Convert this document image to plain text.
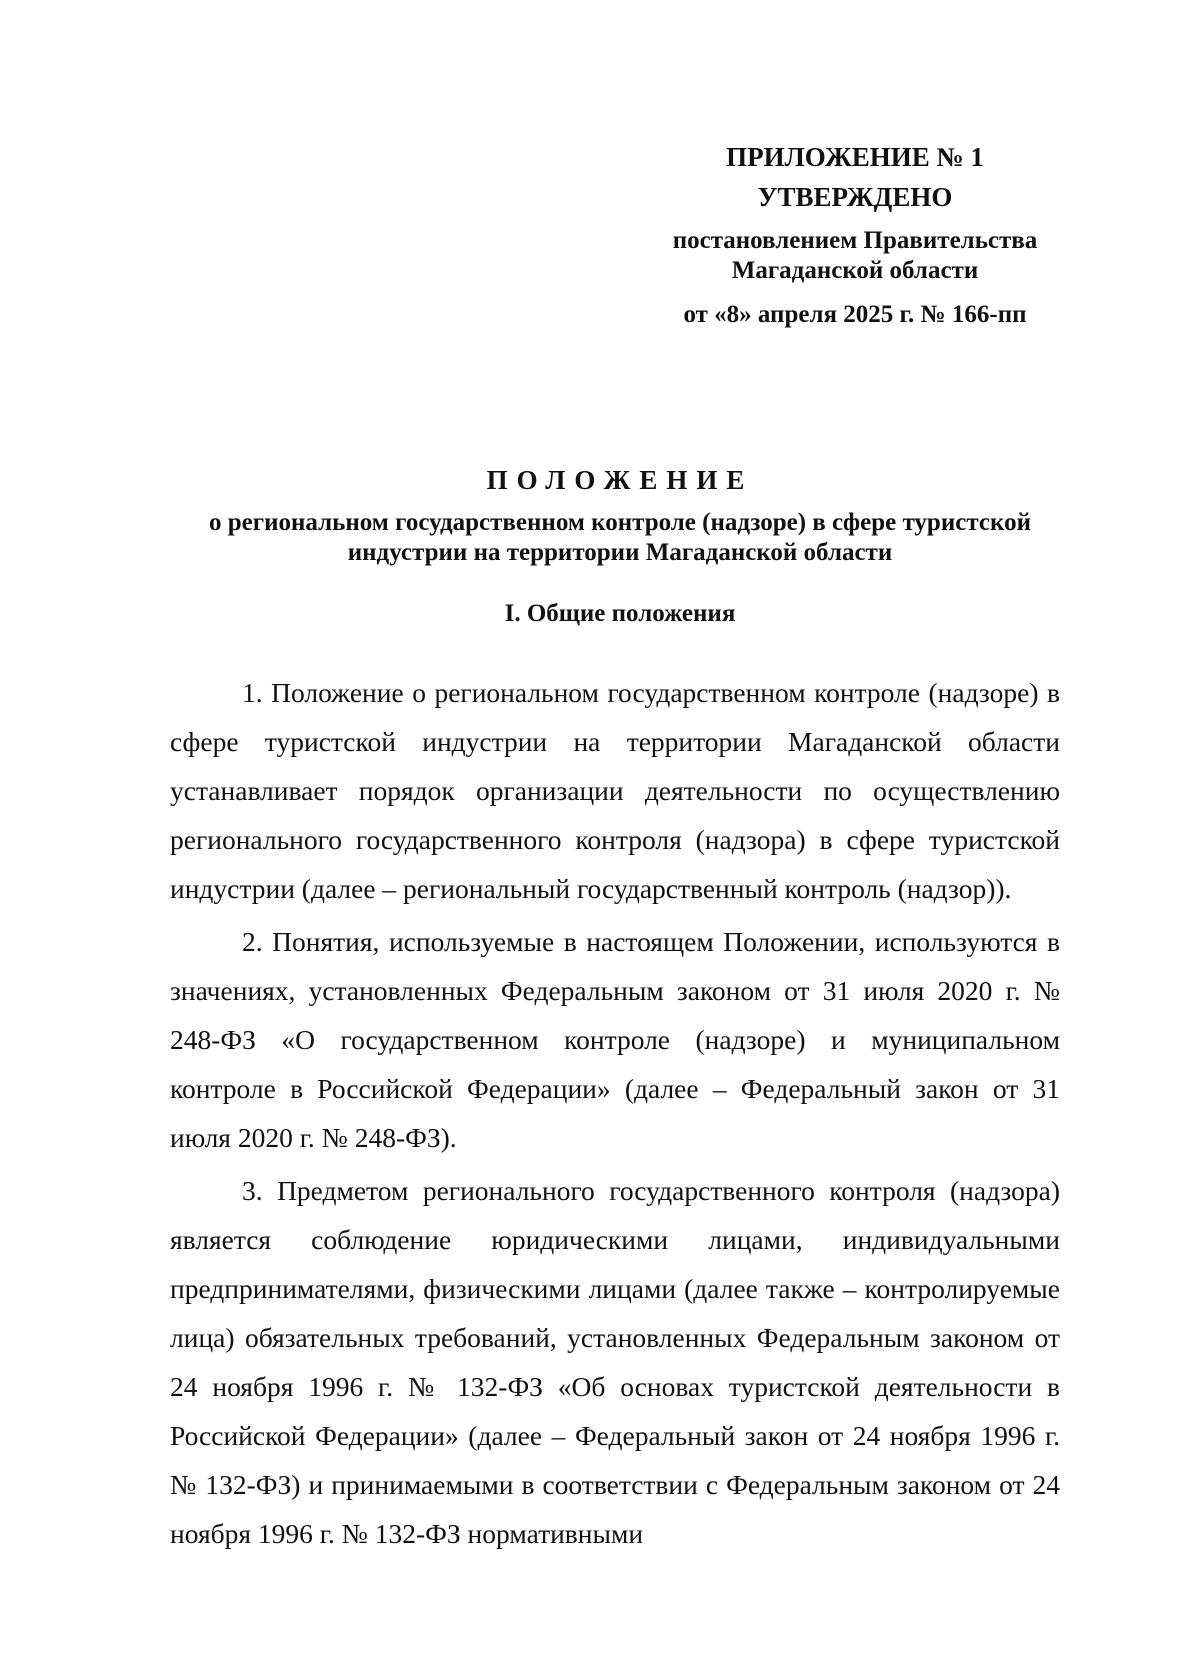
ПРИЛОЖЕНИЕ № 1
УТВЕРЖДЕНО
постановлением Правительства
Магаданской области
от «8» апреля 2025 г. № 166-пп
ПОЛОЖЕНИЕ
о региональном государственном контроле (надзоре) в сфере туристской индустрии на территории Магаданской области
I. Общие положения

1. Положение о региональном государственном контроле (надзоре) в сфере туристской индустрии на территории Магаданской области устанавливает порядок организации деятельности по осуществлению регионального государственного контроля (надзора) в сфере туристской индустрии (далее – региональный государственный контроль (надзор)).

2. Понятия, используемые в настоящем Положении, используются в значениях, установленных Федеральным законом от 31 июля 2020 г. № 248-ФЗ «О государственном контроле (надзоре) и муниципальном контроле в Российской Федерации» (далее – Федеральный закон от 31 июля 2020 г. № 248-ФЗ).

3. Предметом регионального государственного контроля (надзора) является соблюдение юридическими лицами, индивидуальными предпринимателями, физическими лицами (далее также – контролируемые лица) обязательных требований, установленных Федеральным законом от 24 ноября 1996 г. № 132-ФЗ «Об основах туристской деятельности в Российской Федерации» (далее – Федеральный закон от 24 ноября 1996 г. № 132-ФЗ) и принимаемыми в соответствии с Федеральным законом от 24 ноября 1996 г. № 132-ФЗ нормативными
